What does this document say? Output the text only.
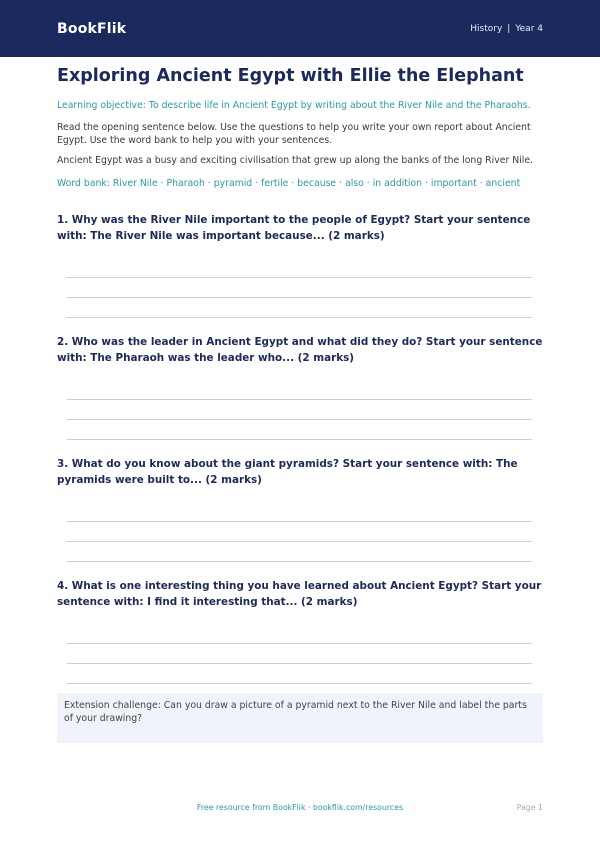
BookFlik	History | Year 4
Exploring Ancient Egypt with Ellie the Elephant
Learning objective: To describe life in Ancient Egypt by writing about the River Nile and the Pharaohs.
Read the opening sentence below. Use the questions to help you write your own report about Ancient Egypt. Use the word bank to help you with your sentences.
Ancient Egypt was a busy and exciting civilisation that grew up along the banks of the long River Nile.
Word bank: River Nile · Pharaoh · pyramid · fertile · because · also · in addition · important · ancient
1. Why was the River Nile important to the people of Egypt? Start your sentence with: The River Nile was important because... (2 marks)
2. Who was the leader in Ancient Egypt and what did they do? Start your sentence with: The Pharaoh was the leader who... (2 marks)
3. What do you know about the giant pyramids? Start your sentence with: The pyramids were built to... (2 marks)
4. What is one interesting thing you have learned about Ancient Egypt? Start your sentence with: I find it interesting that... (2 marks)
Extension challenge: Can you draw a picture of a pyramid next to the River Nile and label the parts of your drawing?
Free resource from BookFlik · bookflik.com/resources	Page 1
